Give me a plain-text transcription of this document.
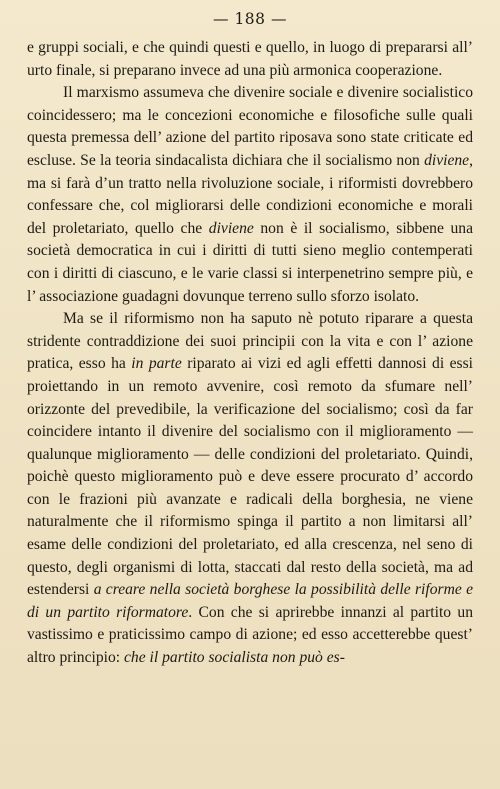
— 188 —

e gruppi sociali, e che quindi questi e quello, in luogo di prepararsi all’ urto finale, si preparano invece ad una più armonica cooperazione.

Il marxismo assumeva che divenire sociale e divenire socialistico coincidessero; ma le concezioni economiche e filosofiche sulle quali questa premessa dell’ azione del partito riposava sono state criticate ed escluse. Se la teoria sindacalista dichiara che il socialismo non diviene, ma si farà d’un tratto nella rivoluzione sociale, i riformisti dovrebbero confessare che, col migliorarsi delle condizioni economiche e morali del proletariato, quello che diviene non è il socialismo, sibbene una società democratica in cui i diritti di tutti sieno meglio contemperati con i diritti di ciascuno, e le varie classi si interpenetrino sempre più, e l’ associazione guadagni dovunque terreno sullo sforzo isolato.

Ma se il riformismo non ha saputo nè potuto riparare a questa stridente contraddizione dei suoi principii con la vita e con l’ azione pratica, esso ha in parte riparato ai vizi ed agli effetti dannosi di essi proiettando in un remoto avvenire, così remoto da sfumare nell’ orizzonte del prevedibile, la verificazione del socialismo; così da far coincidere intanto il divenire del socialismo con il miglioramento — qualunque miglioramento — delle condizioni del proletariato. Quindi, poichè questo miglioramento può e deve essere procurato d’ accordo con le frazioni più avanzate e radicali della borghesia, ne viene naturalmente che il riformismo spinga il partito a non limitarsi all’ esame delle condizioni del proletariato, ed alla crescenza, nel seno di questo, degli organismi di lotta, staccati dal resto della società, ma ad estendersi a creare nella società borghese la possibilità delle riforme e di un partito riformatore. Con che si aprirebbe innanzi al partito un vastissimo e praticissimo campo di azione; ed esso accetterebbe quest’ altro principio: che il partito socialista non può es-
